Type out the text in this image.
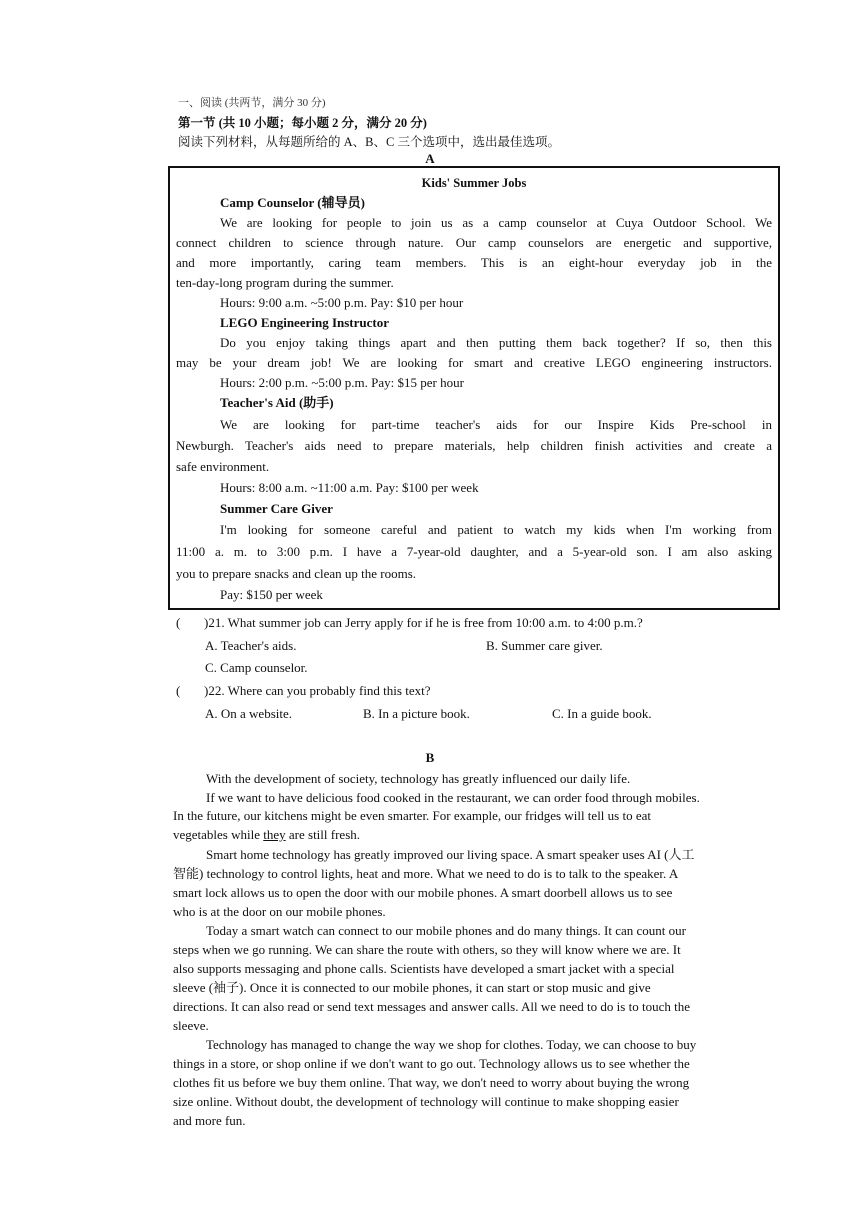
一、阅读 (共两节，满分 30 分)
第一节 (共 10 小题；每小题 2 分，满分 20 分)
阅读下列材料，从每题所给的 A、B、C 三个选项中，选出最佳选项。
A
Kids' Summer Jobs
Camp Counselor (辅导员)
We are looking for people to join us as a camp counselor at Cuya Outdoor School. We
connect children to science through nature. Our camp counselors are energetic and supportive,
and more importantly, caring team members. This is an eight-hour everyday job in the
ten-day-long program during the summer.
Hours: 9:00 a.m. ~5:00 p.m. Pay: $10 per hour
LEGO Engineering Instructor
Do you enjoy taking things apart and then putting them back together? If so, then this
may be your dream job! We are looking for smart and creative LEGO engineering instructors.
Hours: 2:00 p.m. ~5:00 p.m. Pay: $15 per hour
Teacher's Aid (助手)
We are looking for part-time teacher's aids for our Inspire Kids Pre-school in
Newburgh. Teacher's aids need to prepare materials, help children finish activities and create a
safe environment.
Hours: 8:00 a.m. ~11:00 a.m. Pay: $100 per week
Summer Care Giver
I'm looking for someone careful and patient to watch my kids when I'm working from
11:00 a. m. to 3:00 p.m. I have a 7-year-old daughter, and a 5-year-old son. I am also asking
you to prepare snacks and clean up the rooms.
Pay: $150 per week
( )21. What summer job can Jerry apply for if he is free from 10:00 a.m. to 4:00 p.m.?
A. Teacher's aids.	B. Summer care giver.
C. Camp counselor.
( )22. Where can you probably find this text?
A. On a website.	B. In a picture book.	C. In a guide book.
B
With the development of society, technology has greatly influenced our daily life.
If we want to have delicious food cooked in the restaurant, we can order food through mobiles.
In the future, our kitchens might be even smarter. For example, our fridges will tell us to eat
vegetables while they are still fresh.
Smart home technology has greatly improved our living space. A smart speaker uses AI (人工
智能) technology to control lights, heat and more. What we need to do is to talk to the speaker. A
smart lock allows us to open the door with our mobile phones. A smart doorbell allows us to see
who is at the door on our mobile phones.
Today a smart watch can connect to our mobile phones and do many things. It can count our
steps when we go running. We can share the route with others, so they will know where we are. It
also supports messaging and phone calls. Scientists have developed a smart jacket with a special
sleeve (袖子). Once it is connected to our mobile phones, it can start or stop music and give
directions. It can also read or send text messages and answer calls. All we need to do is to touch the
sleeve.
Technology has managed to change the way we shop for clothes. Today, we can choose to buy
things in a store, or shop online if we don't want to go out. Technology allows us to see whether the
clothes fit us before we buy them online. That way, we don't need to worry about buying the wrong
size online. Without doubt, the development of technology will continue to make shopping easier
and more fun.
